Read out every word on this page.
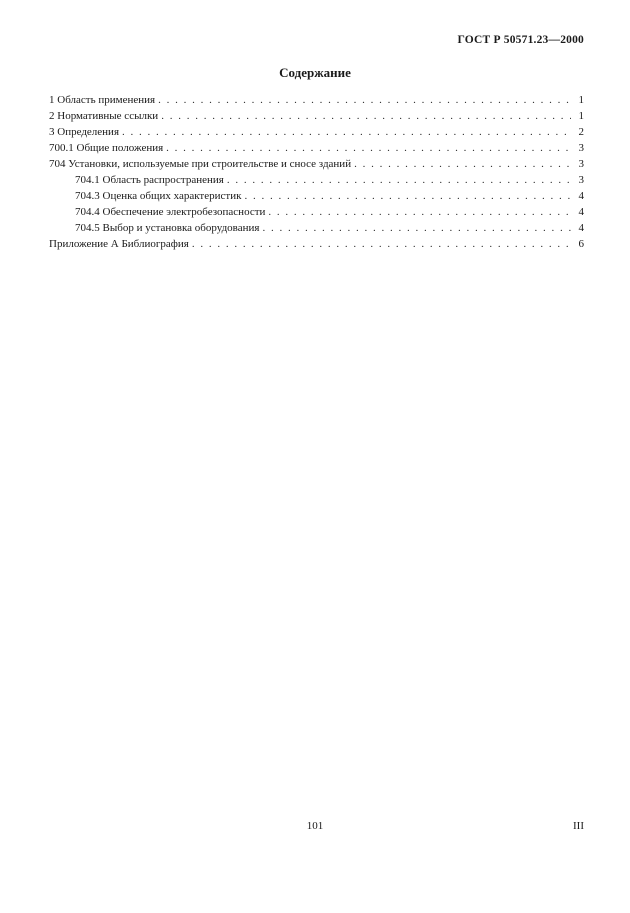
ГОСТ Р 50571.23—2000
Содержание
1 Область применения . . .	1
2 Нормативные ссылки . . .	1
3 Определения . . .	2
700.1 Общие положения . . .	3
704 Установки, используемые при строительстве и сносе зданий . . .	3
704.1 Область распространения . . .	3
704.3 Оценка общих характеристик . . .	4
704.4 Обеспечение электробезопасности . . .	4
704.5 Выбор и установка оборудования . . .	4
Приложение А Библиография . . .	6
101	III
